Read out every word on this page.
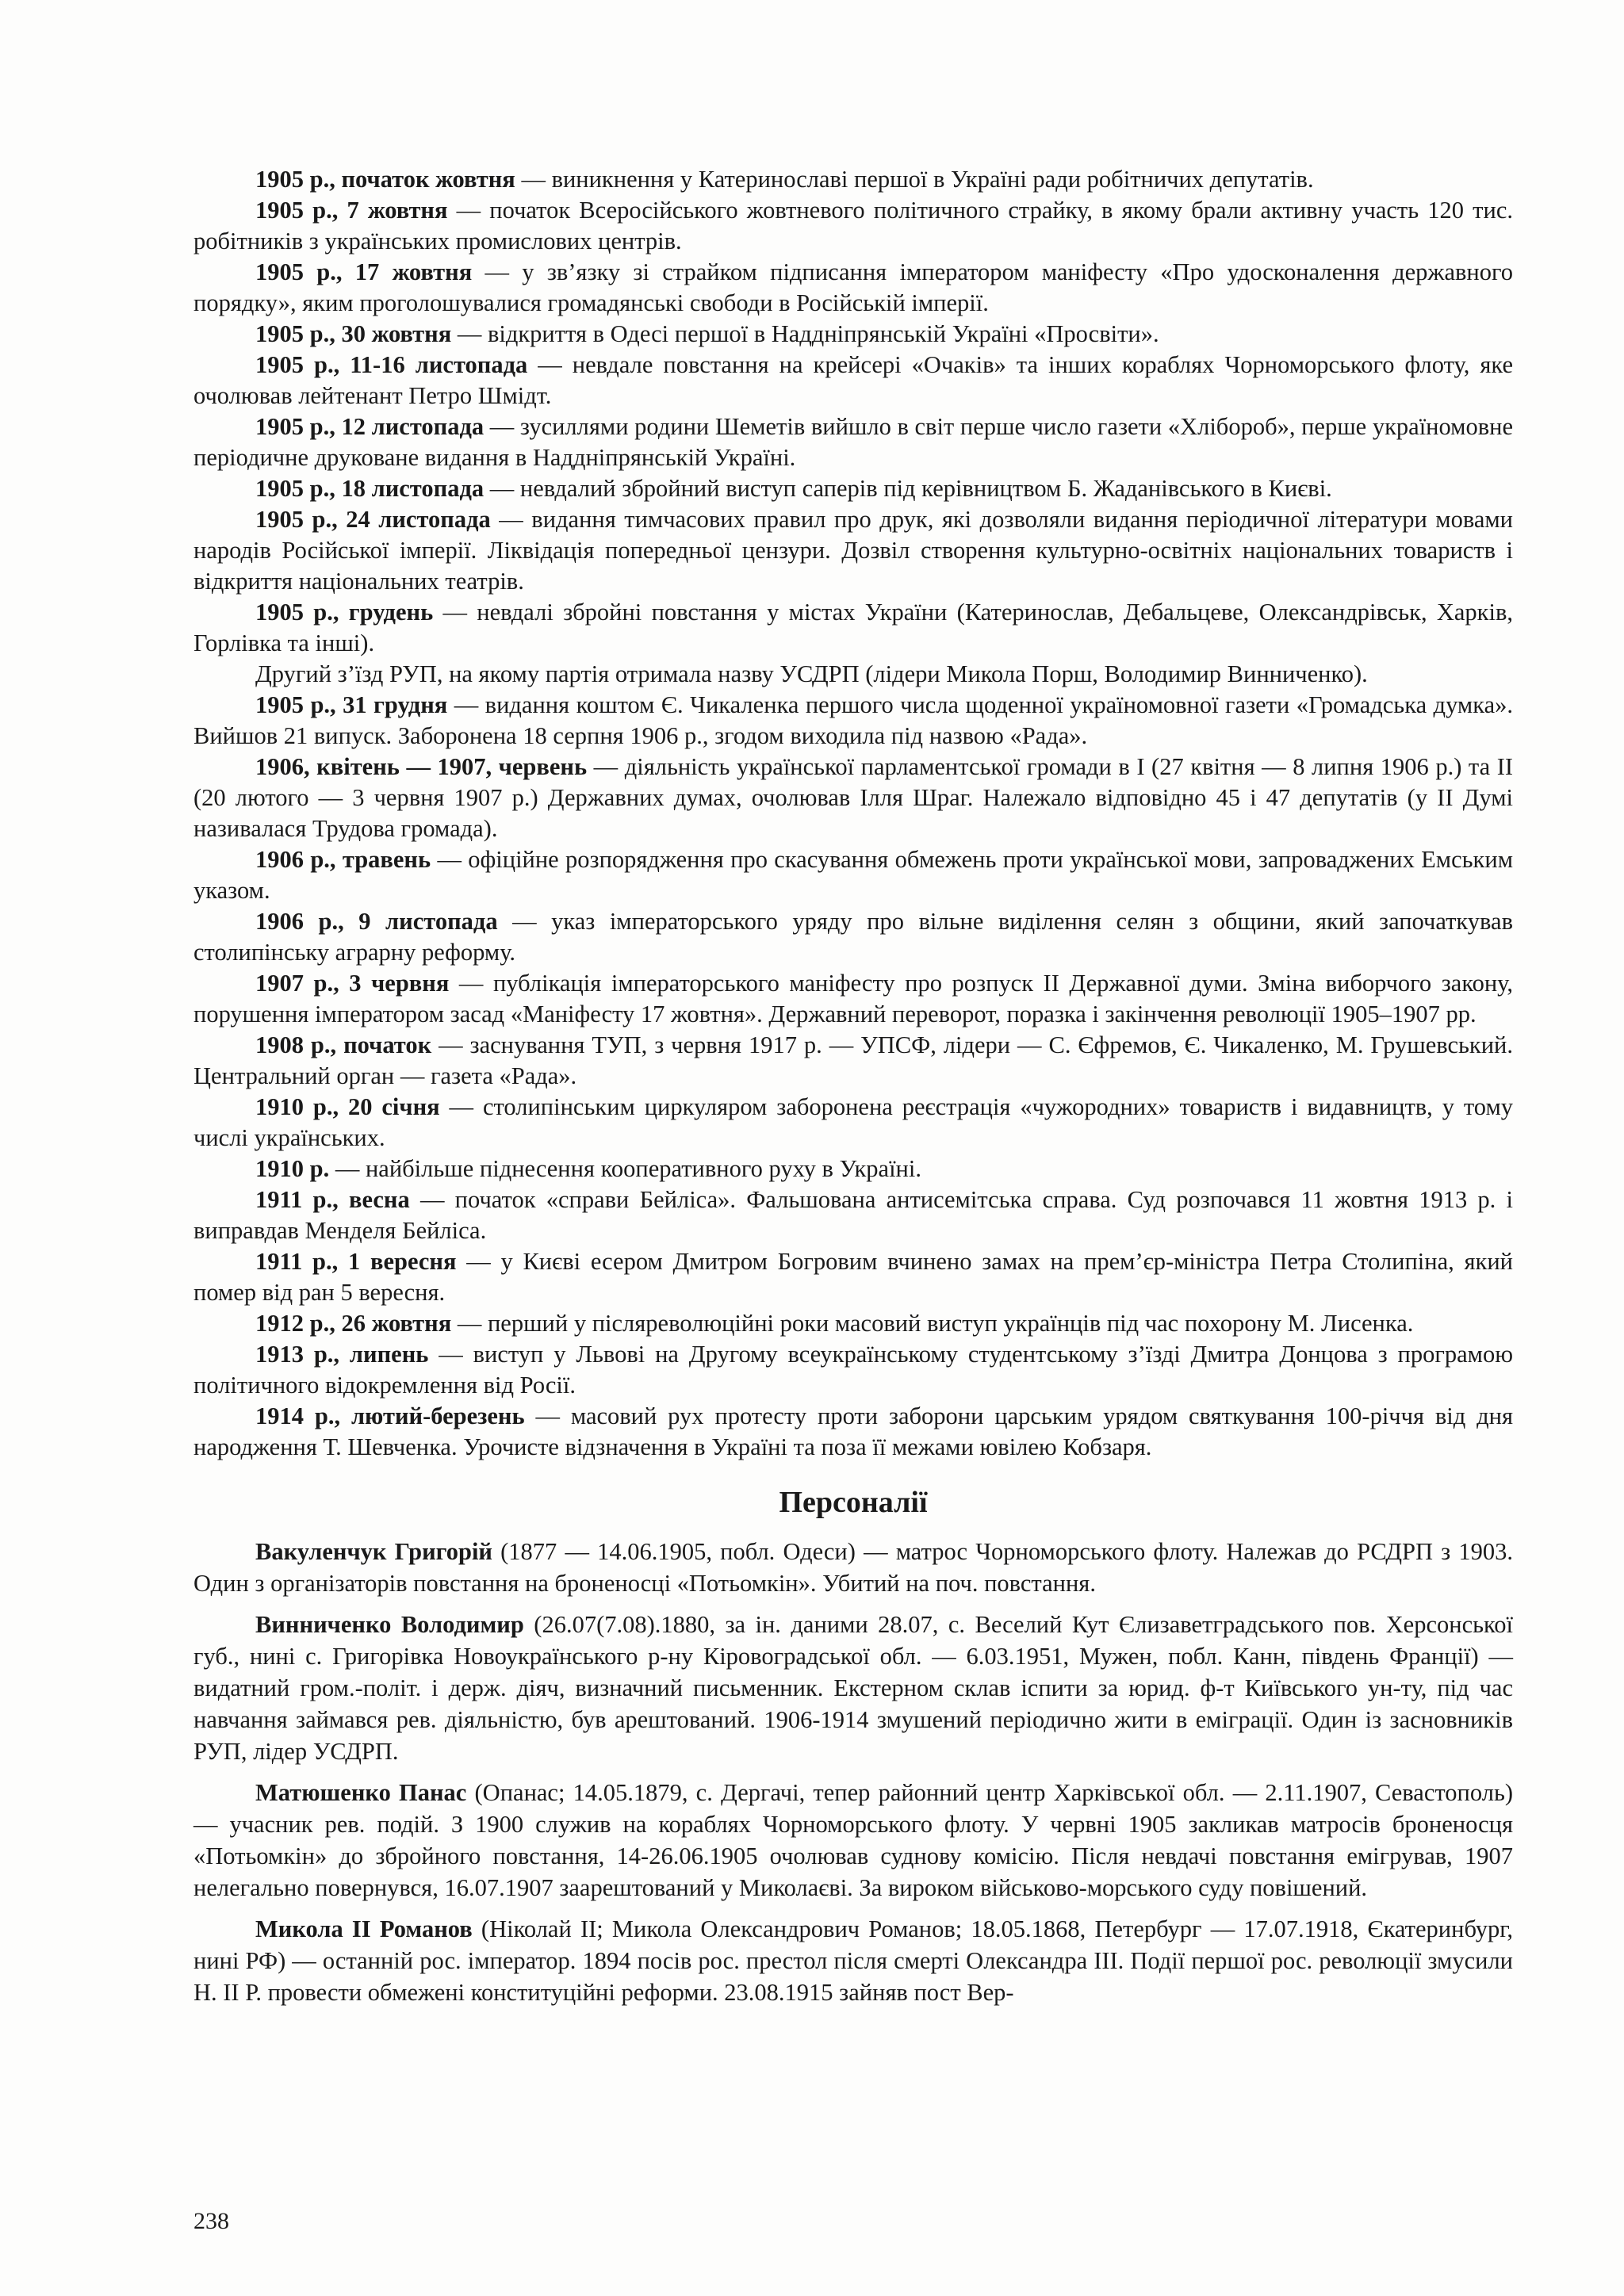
1905 р., початок жовтня — виникнення у Катеринославі першої в Україні ради робітничих депутатів.

1905 р., 7 жовтня — початок Всеросійського жовтневого політичного страйку, в якому брали активну участь 120 тис. робітників з українських промислових центрів.

1905 р., 17 жовтня — у зв’язку зі страйком підписання імператором маніфесту «Про удосконалення державного порядку», яким проголошувалися громадянські свободи в Російській імперії.

1905 р., 30 жовтня — відкриття в Одесі першої в Наддніпрянській Україні «Просвіти».

1905 р., 11-16 листопада — невдале повстання на крейсері «Очаків» та інших кораблях Чорноморського флоту, яке очолював лейтенант Петро Шмідт.

1905 р., 12 листопада — зусиллями родини Шеметів вийшло в світ перше число газети «Хлібороб», перше україномовне періодичне друковане видання в Наддніпрянській Україні.

1905 р., 18 листопада — невдалий збройний виступ саперів під керівництвом Б. Жаданівського в Києві.

1905 р., 24 листопада — видання тимчасових правил про друк, які дозволяли видання періодичної літератури мовами народів Російської імперії. Ліквідація попередньої цензури. Дозвіл створення культурно-освітніх національних товариств і відкриття національних театрів.

1905 р., грудень — невдалі збройні повстання у містах України (Катеринослав, Дебальцеве, Олександрівськ, Харків, Горлівка та інші).

Другий з’їзд РУП, на якому партія отримала назву УСДРП (лідери Микола Порш, Володимир Винниченко).

1905 р., 31 грудня — видання коштом Є. Чикаленка першого числа щоденної україномовної газети «Громадська думка». Вийшов 21 випуск. Заборонена 18 серпня 1906 р., згодом виходила під назвою «Рада».

1906, квітень — 1907, червень — діяльність української парламентської громади в І (27 квітня — 8 липня 1906 р.) та II (20 лютого — 3 червня 1907 р.) Державних думах, очолював Ілля Шраг. Належало відповідно 45 і 47 депутатів (у II Думі називалася Трудова громада).

1906 р., травень — офіційне розпорядження про скасування обмежень проти української мови, запроваджених Емським указом.

1906 р., 9 листопада — указ імператорського уряду про вільне виділення селян з общини, який започаткував столипінську аграрну реформу.

1907 р., 3 червня — публікація імператорського маніфесту про розпуск II Державної думи. Зміна виборчого закону, порушення імператором засад «Маніфесту 17 жовтня». Державний переворот, поразка і закінчення революції 1905–1907 рр.

1908 р., початок — заснування ТУП, з червня 1917 р. — УПСФ, лідери — С. Єфремов, Є. Чикаленко, М. Грушевський. Центральний орган — газета «Рада».

1910 р., 20 січня — столипінським циркуляром заборонена реєстрація «чужородних» товариств і видавництв, у тому числі українських.

1910 р. — найбільше піднесення кооперативного руху в Україні.

1911 р., весна — початок «справи Бейліса». Фальшована антисемітська справа. Суд розпочався 11 жовтня 1913 р. і виправдав Менделя Бейліса.

1911 р., 1 вересня — у Києві есером Дмитром Богровим вчинено замах на прем’єр-міністра Петра Столипіна, який помер від ран 5 вересня.

1912 р., 26 жовтня — перший у післяреволюційні роки масовий виступ українців під час похорону М. Лисенка.

1913 р., липень — виступ у Львові на Другому всеукраїнському студентському з’їзді Дмитра Донцова з програмою політичного відокремлення від Росії.

1914 р., лютий-березень — масовий рух протесту проти заборони царським урядом святкування 100-річчя від дня народження Т. Шевченка. Урочисте відзначення в Україні та поза її межами ювілею Кобзаря.

Персоналії

Вакуленчук Григорій (1877 — 14.06.1905, побл. Одеси) — матрос Чорноморського флоту. Належав до РСДРП з 1903. Один з організаторів повстання на броненосці «Потьомкін». Убитий на поч. повстання.

Винниченко Володимир (26.07(7.08).1880, за ін. даними 28.07, с. Веселий Кут Єлизаветградського пов. Херсонської губ., нині с. Григорівка Новоукраїнського р-ну Кіровоградської обл. — 6.03.1951, Мужен, побл. Канн, південь Франції) — видатний гром.-політ. і держ. діяч, визначний письменник. Екстерном склав іспити за юрид. ф-т Київського ун-ту, під час навчання займався рев. діяльністю, був арештований. 1906-1914 змушений періодично жити в еміграції. Один із засновників РУП, лідер УСДРП.

Матюшенко Панас (Опанас; 14.05.1879, с. Дергачі, тепер районний центр Харківської обл. — 2.11.1907, Севастополь) — учасник рев. подій. З 1900 служив на кораблях Чорноморського флоту. У червні 1905 закликав матросів броненосця «Потьомкін» до збройного повстання, 14-26.06.1905 очолював суднову комісію. Після невдачі повстання емігрував, 1907 нелегально повернувся, 16.07.1907 заарештований у Миколаєві. За вироком військово-морського суду повішений.

Микола II Романов (Ніколай II; Микола Олександрович Романов; 18.05.1868, Петербург — 17.07.1918, Єкатеринбург, нині РФ) — останній рос. імператор. 1894 посів рос. престол після смерті Олександра III. Події першої рос. революції змусили Н. II Р. провести обмежені конституційні реформи. 23.08.1915 зайняв пост Вер-

238
